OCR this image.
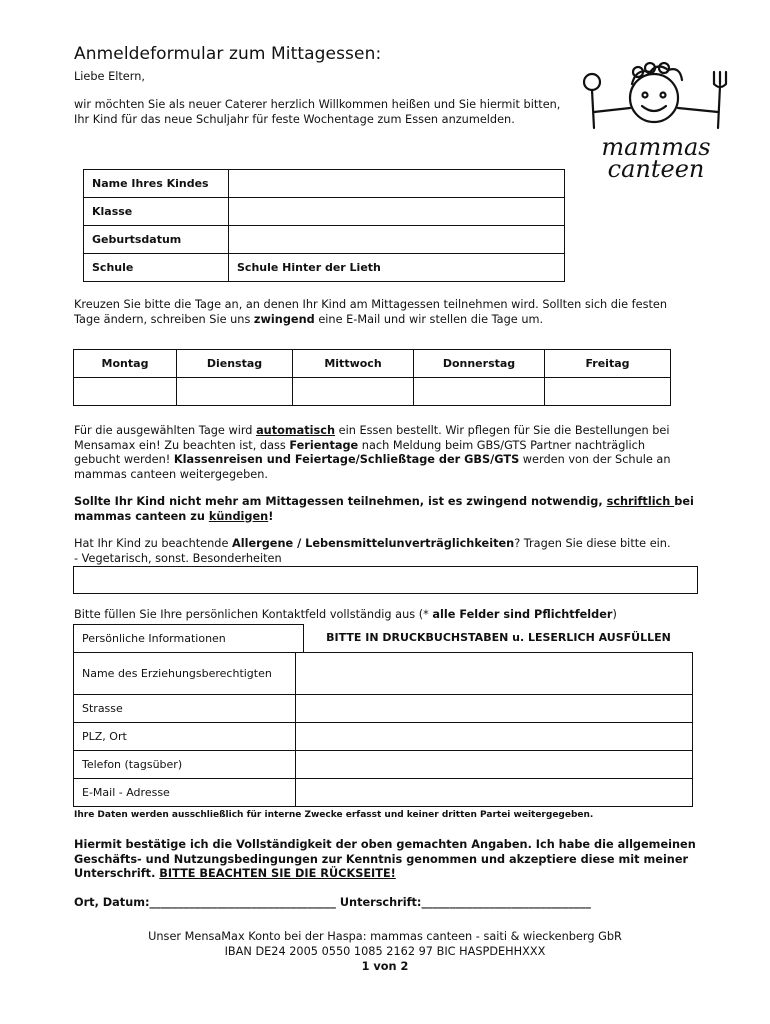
Anmeldeformular zum Mittagessen:
Liebe Eltern,
wir möchten Sie als neuer Caterer herzlich Willkommen heißen und Sie hiermit bitten, Ihr Kind für das neue Schuljahr für feste Wochentage zum Essen anzumelden.
mammas
canteen
Name Ihres Kindes	
Klasse	
Geburtsdatum	
Schule	Schule Hinter der Lieth
Kreuzen Sie bitte die Tage an, an denen Ihr Kind am Mittagessen teilnehmen wird. Sollten sich die festen Tage ändern, schreiben Sie uns zwingend eine E-Mail und wir stellen die Tage um.
Montag	Dienstag	Mittwoch	Donnerstag	Freitag

Für die ausgewählten Tage wird automatisch ein Essen bestellt. Wir pflegen für Sie die Bestellungen bei Mensamax ein! Zu beachten ist, dass Ferientage nach Meldung beim GBS/GTS Partner nachträglich gebucht werden! Klassenreisen und Feiertage/Schließtage der GBS/GTS werden von der Schule an mammas canteen weitergegeben.
Sollte Ihr Kind nicht mehr am Mittagessen teilnehmen, ist es zwingend notwendig, schriftlich bei mammas canteen zu kündigen!
Hat Ihr Kind zu beachtende Allergene / Lebensmittelunverträglichkeiten? Tragen Sie diese bitte ein.
- Vegetarisch, sonst. Besonderheiten
Bitte füllen Sie Ihre persönlichen Kontaktfeld vollständig aus (* alle Felder sind Pflichtfelder)
Persönliche Informationen	BITTE IN DRUCKBUCHSTABEN u. LESERLICH AUSFÜLLEN
Name des Erziehungsberechtigten	
Strasse	
PLZ, Ort	
Telefon (tagsüber)	
E-Mail - Adresse	
Ihre Daten werden ausschließlich für interne Zwecke erfasst und keiner dritten Partei weitergegeben.
Hiermit bestätige ich die Vollständigkeit der oben gemachten Angaben. Ich habe die allgemeinen Geschäfts- und Nutzungsbedingungen zur Kenntnis genommen und akzeptiere diese mit meiner Unterschrift. BITTE BEACHTEN SIE DIE RÜCKSEITE!
Ort, Datum:_________________________________ Unterschrift:______________________________
Unser MensaMax Konto bei der Haspa: mammas canteen - saiti & wieckenberg GbR
IBAN DE24 2005 0550 1085 2162 97 BIC HASPDEHHXXX
1 von 2
